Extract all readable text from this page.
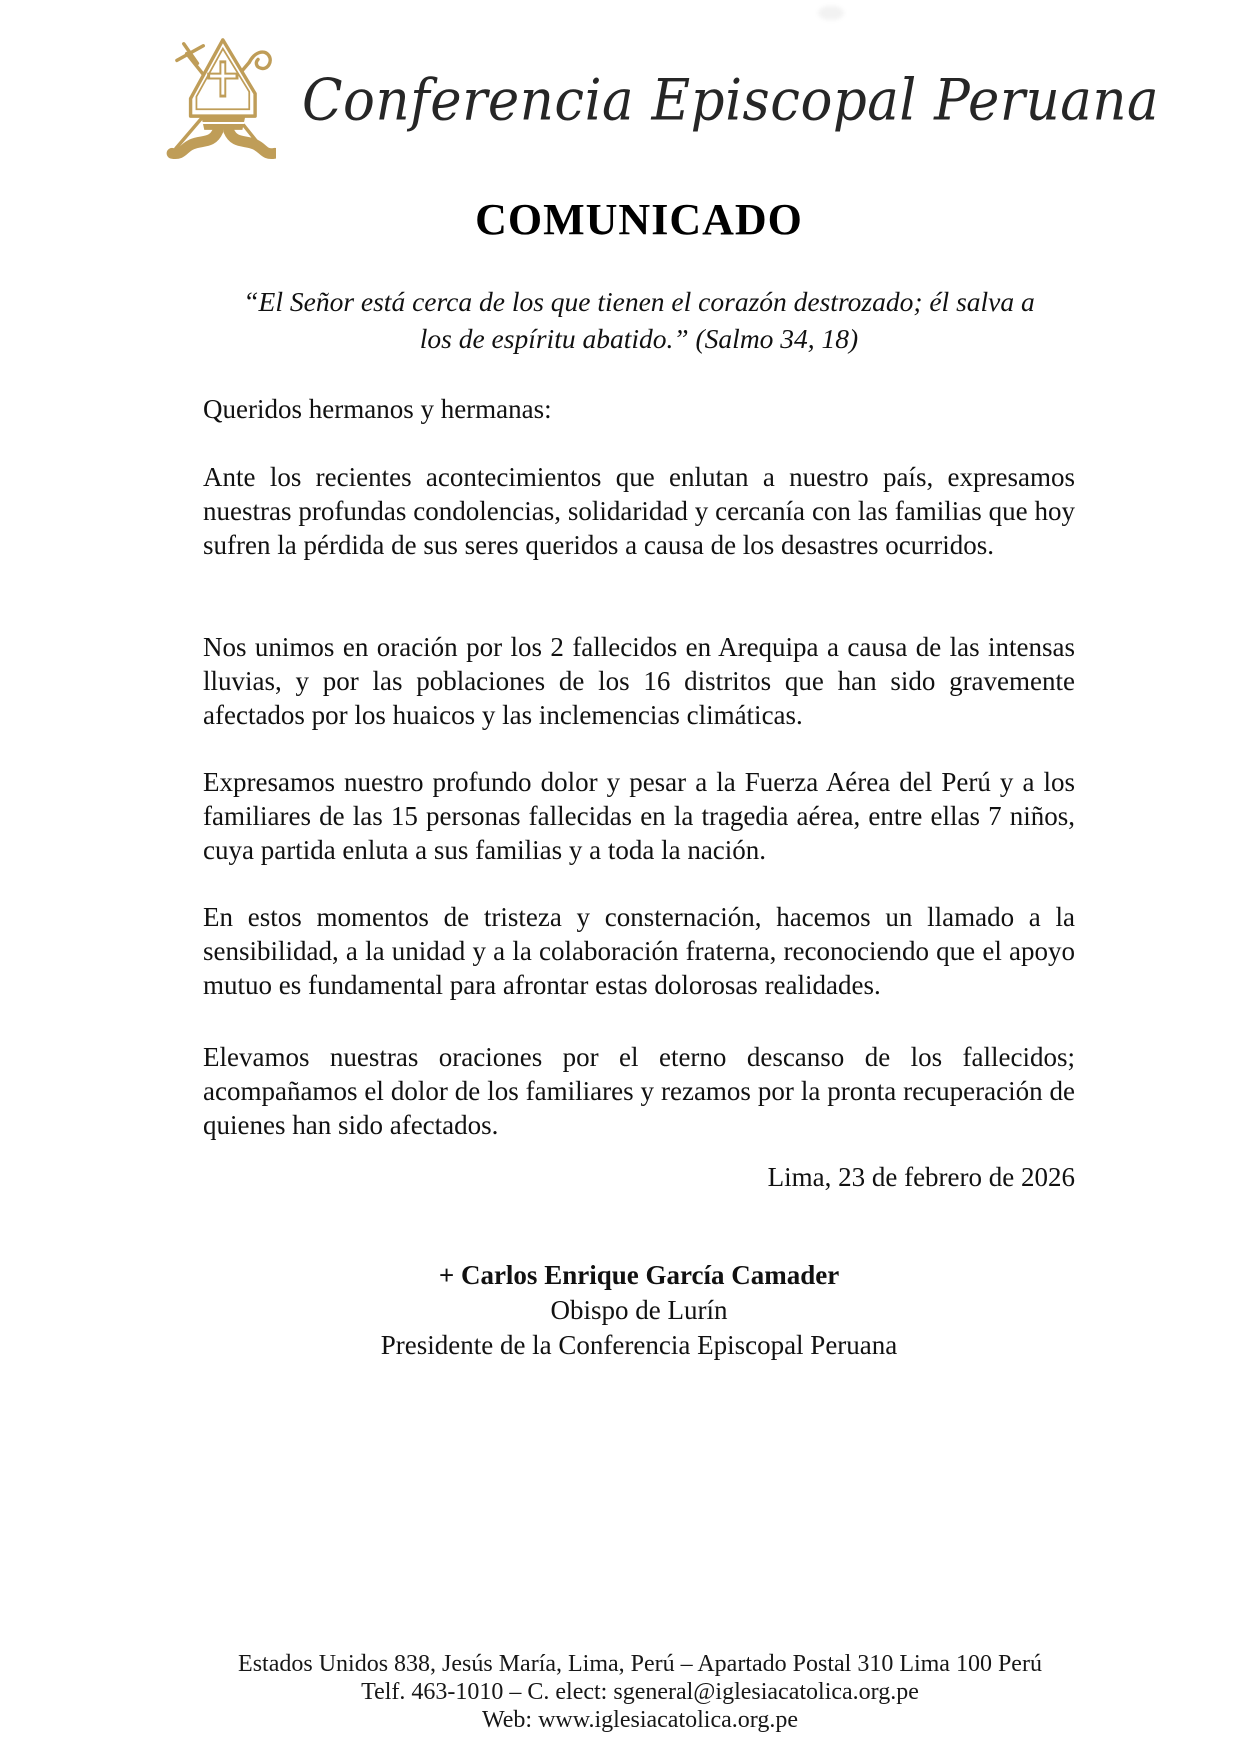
Conferencia Episcopal Peruana
COMUNICADO
“El Señor está cerca de los que tienen el corazón destrozado; él salva a
los de espíritu abatido.” (Salmo 34, 18)

Queridos hermanos y hermanas:

Ante los recientes acontecimientos que enlutan a nuestro país, expresamos nuestras profundas condolencias, solidaridad y cercanía con las familias que hoy sufren la pérdida de sus seres queridos a causa de los desastres ocurridos.

Nos unimos en oración por los 2 fallecidos en Arequipa a causa de las intensas lluvias, y por las poblaciones de los 16 distritos que han sido gravemente afectados por los huaicos y las inclemencias climáticas.

Expresamos nuestro profundo dolor y pesar a la Fuerza Aérea del Perú y a los familiares de las 15 personas fallecidas en la tragedia aérea, entre ellas 7 niños, cuya partida enluta a sus familias y a toda la nación.

En estos momentos de tristeza y consternación, hacemos un llamado a la sensibilidad, a la unidad y a la colaboración fraterna, reconociendo que el apoyo mutuo es fundamental para afrontar estas dolorosas realidades.

Elevamos nuestras oraciones por el eterno descanso de los fallecidos; acompañamos el dolor de los familiares y rezamos por la pronta recuperación de quienes han sido afectados.

Lima, 23 de febrero de 2026

+ Carlos Enrique García Camader
Obispo de Lurín
Presidente de la Conferencia Episcopal Peruana
Estados Unidos 838, Jesús María, Lima, Perú – Apartado Postal 310 Lima 100 Perú
Telf. 463-1010 – C. elect: sgeneral@iglesiacatolica.org.pe
Web: www.iglesiacatolica.org.pe
